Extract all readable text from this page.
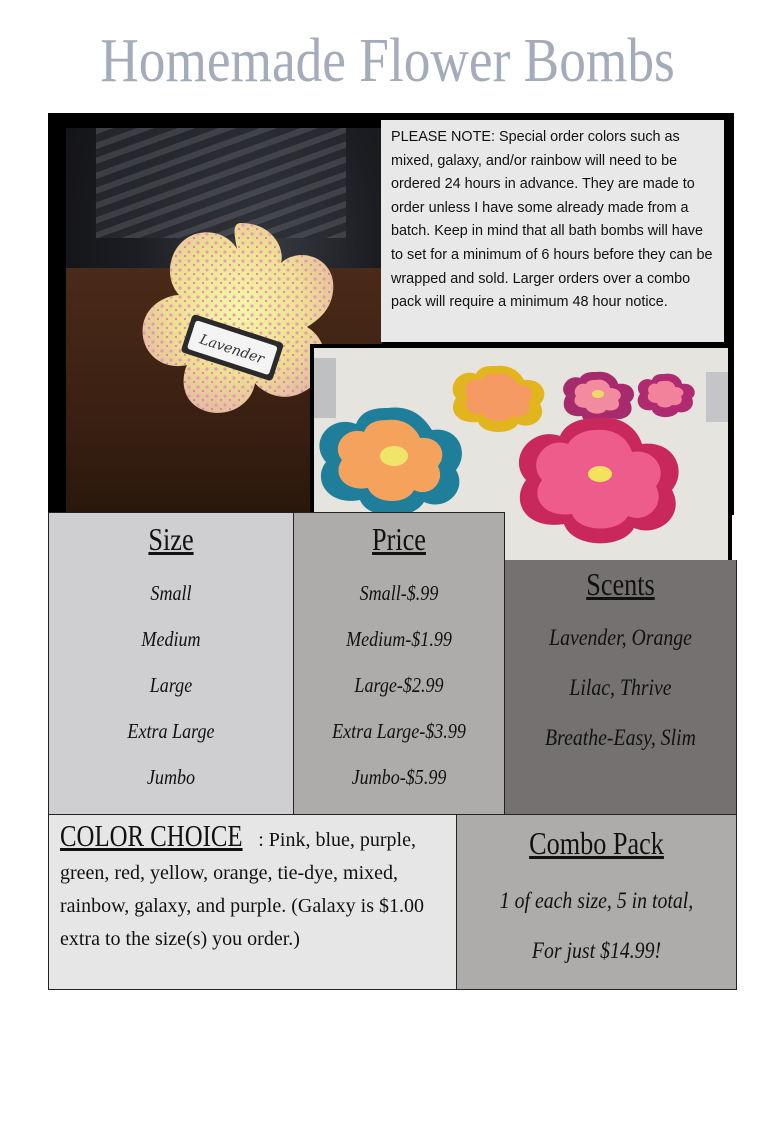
Homemade Flower Bombs
Lavender
PLEASE NOTE: Special order colors such as mixed, galaxy, and/or rainbow will need to be ordered 24 hours in advance. They are made to order unless I have some already made from a batch. Keep in mind that all bath bombs will have to set for a minimum of 6 hours before they can be wrapped and sold. Larger orders over a combo pack will require a minimum 48 hour notice.
Size
Small
Medium
Large
Extra Large
Jumbo
Price
Small-$.99
Medium-$1.99
Large-$2.99
Extra Large-$3.99
Jumbo-$5.99
Scents
Lavender, Orange
Lilac, Thrive
Breathe-Easy, Slim

COLOR CHOICE : Pink, blue, purple, green, red, yellow, orange, tie-dye, mixed, rainbow, galaxy, and purple. (Galaxy is $1.00 extra to the size(s) you order.)

Combo Pack
1 of each size, 5 in total,
For just $14.99!
